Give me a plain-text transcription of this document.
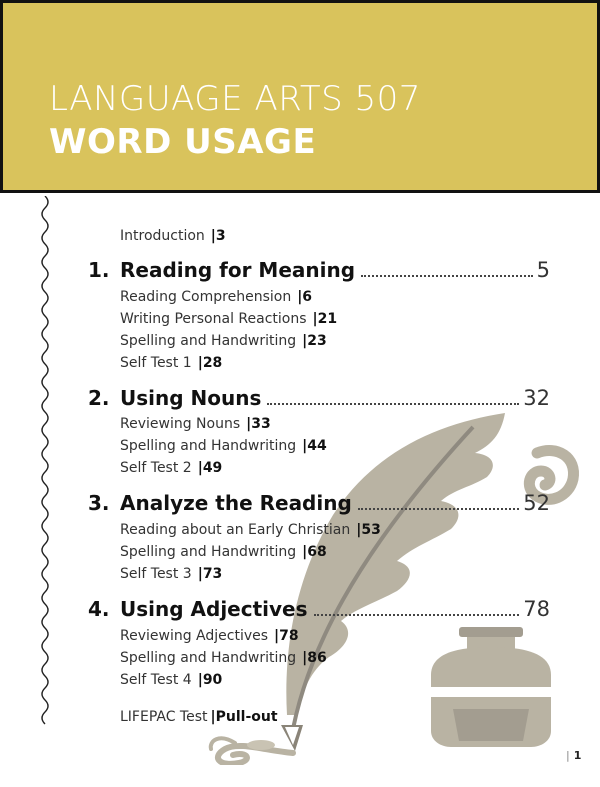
LANGUAGE ARTS 507
WORD USAGE
Introduction |3
1. Reading for Meaning	5
Reading Comprehension |6
Writing Personal Reactions |21
Spelling and Handwriting |23
Self Test 1 |28
2. Using Nouns	32
Reviewing Nouns |33
Spelling and Handwriting |44
Self Test 2 |49
3. Analyze the Reading	52
Reading about an Early Christian |53
Spelling and Handwriting |68
Self Test 3 |73
4. Using Adjectives	78
Reviewing Adjectives |78
Spelling and Handwriting |86
Self Test 4 |90
LIFEPAC Test |Pull-out
| 1
